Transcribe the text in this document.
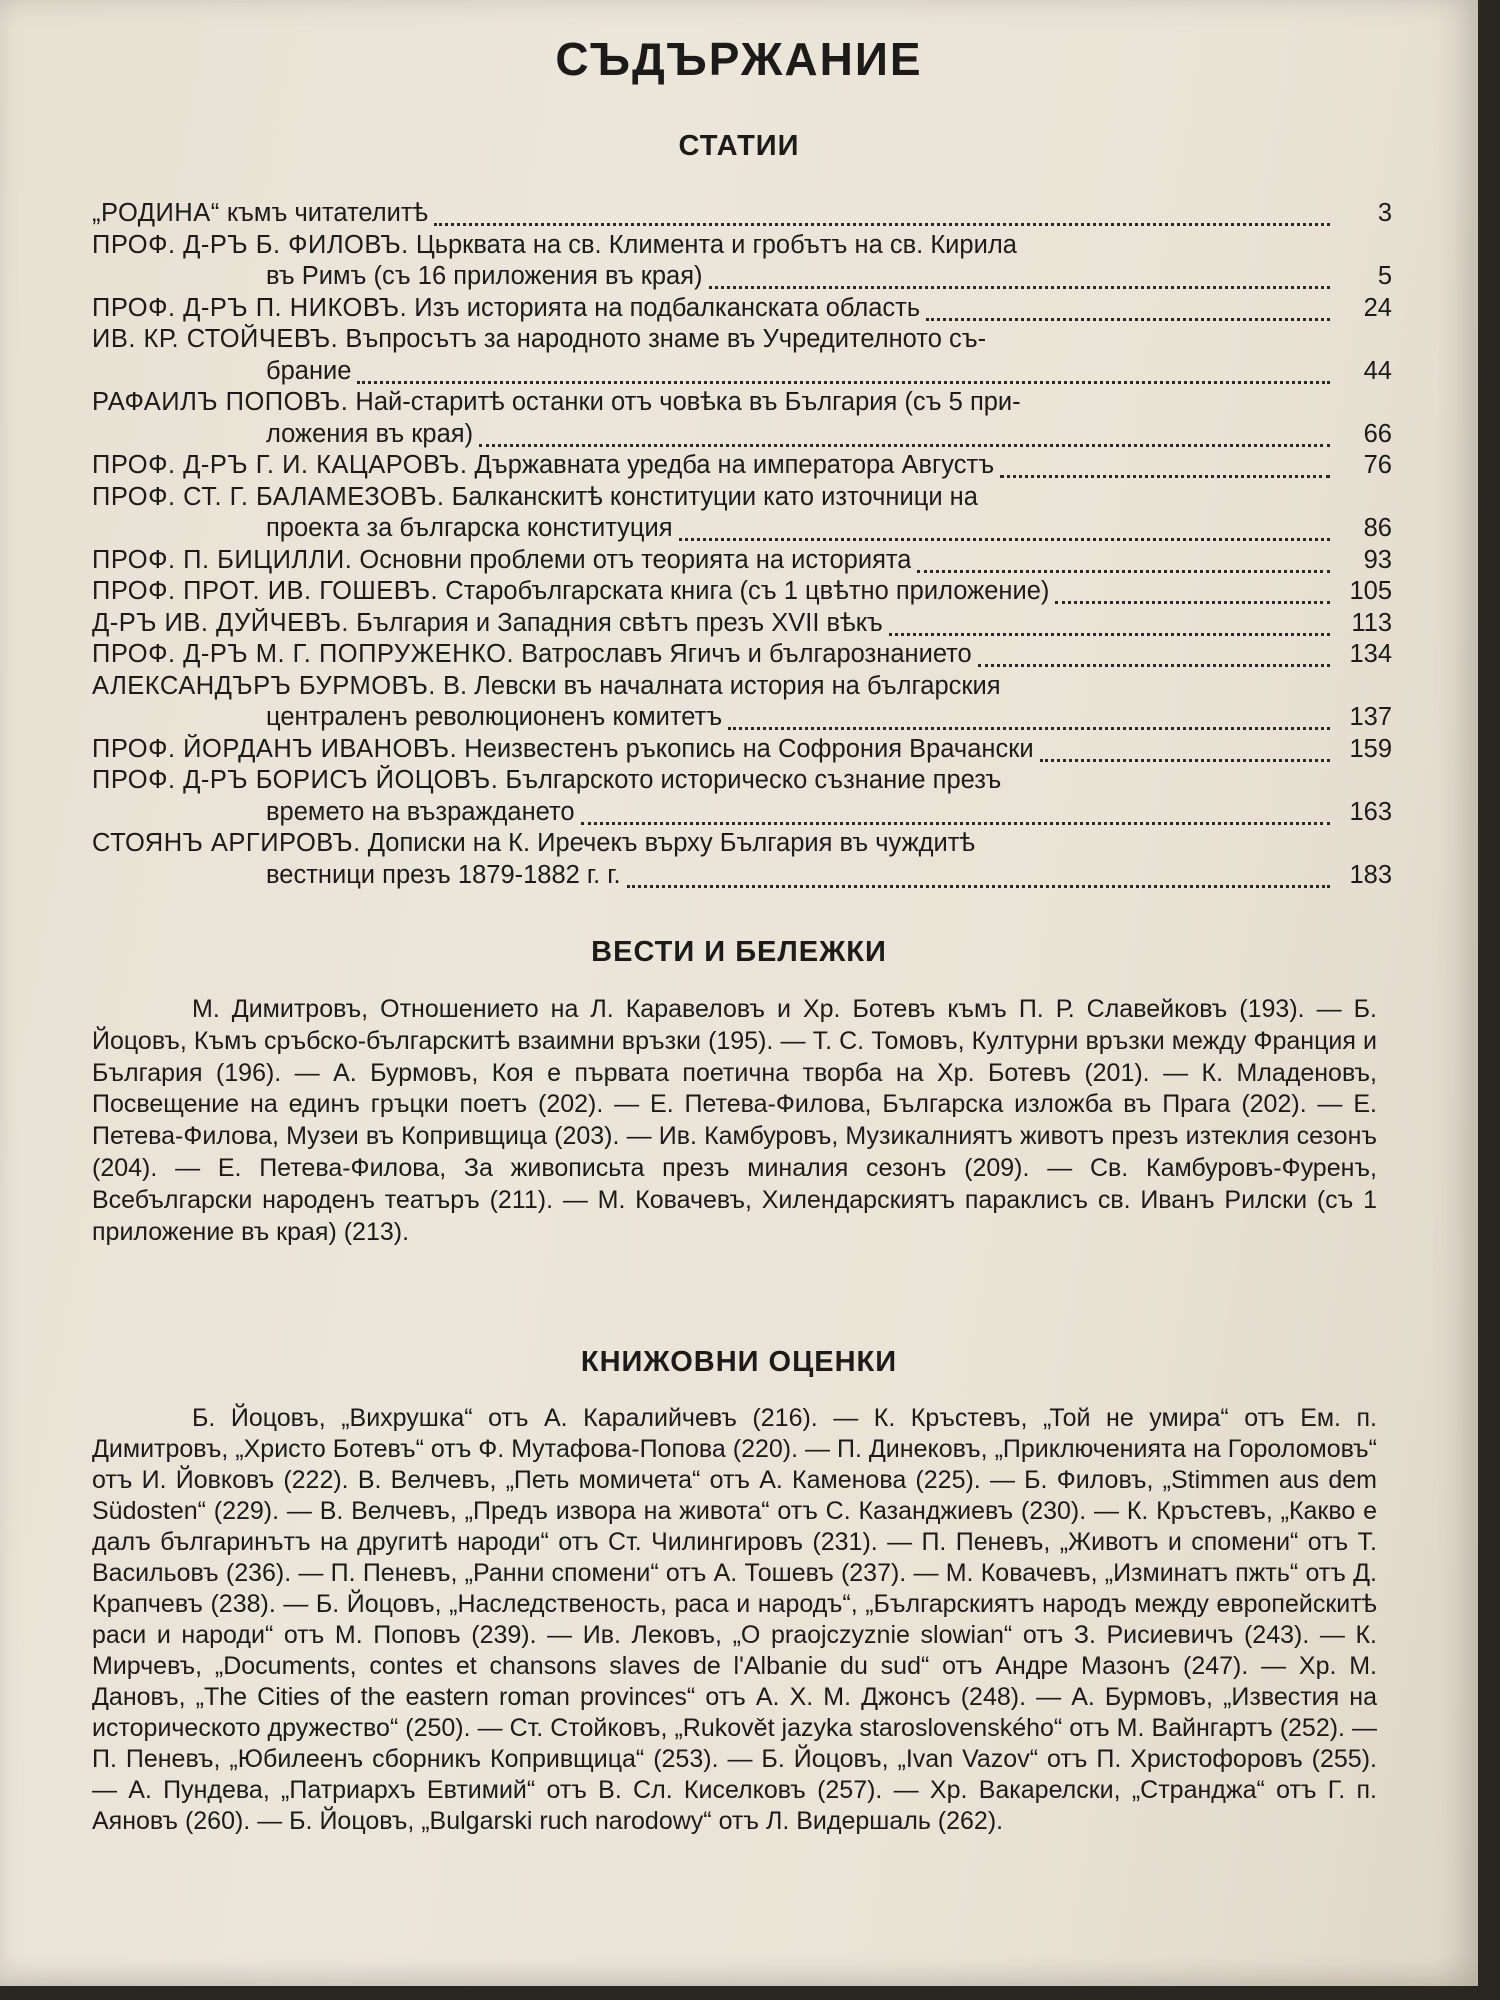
СЪДЪРЖАНИЕ
СТАТИИ
„РОДИНА“ къмъ читателитѣ	3
ПРОФ. Д-РЪ Б. ФИЛОВЪ. Цьрквата на св. Климента и гробътъ на св. Кирила
въ Римъ (съ 16 приложения въ края)	5
ПРОФ. Д-РЪ П. НИКОВЪ. Изъ историята на подбалканската область	24
ИВ. КР. СТОЙЧЕВЪ. Въпросътъ за народното знаме въ Учредителното съ-
брание	44
РАФАИЛЪ ПОПОВЪ. Най-старитѣ останки отъ човѣка въ България (съ 5 при-
ложения въ края)	66
ПРОФ. Д-РЪ Г. И. КАЦАРОВЪ. Държавната уредба на императора Августъ	76
ПРОФ. СТ. Г. БАЛАМЕЗОВЪ. Балканскитѣ конституции като източници на
проекта за българска конституция	86
ПРОФ. П. БИЦИЛЛИ. Основни проблеми отъ теорията на историята	93
ПРОФ. ПРОТ. ИВ. ГОШЕВЪ. Старобългарската книга (съ 1 цвѣтно приложение)	105
Д-РЪ ИВ. ДУЙЧЕВЪ. България и Западния свѣтъ презъ XVII вѣкъ	113
ПРОФ. Д-РЪ М. Г. ПОПРУЖЕНКО. Ватрославъ Ягичъ и българознанието	134
АЛЕКСАНДЪРЪ БУРМОВЪ. В. Левски въ началната история на българския
централенъ революционенъ комитетъ	137
ПРОФ. ЙОРДАНЪ ИВАНОВЪ. Неизвестенъ ръкопись на Софрония Врачански	159
ПРОФ. Д-РЪ БОРИСЪ ЙОЦОВЪ. Българското историческо съзнание презъ
времето на възраждането	163
СТОЯНЪ АРГИРОВЪ. Дописки на К. Иречекъ върху България въ чуждитѣ
вестници презъ 1879-1882 г. г.	183
ВЕСТИ И БЕЛЕЖКИ

М. Димитровъ, Отношението на Л. Каравеловъ и Хр. Ботевъ къмъ П. Р. Славейковъ (193). — Б. Йоцовъ, Къмъ сръбско-българскитѣ взаимни връзки (195). — Т. С. Томовъ, Културни връзки между Франция и България (196). — А. Бурмовъ, Коя е първата поетична творба на Хр. Ботевъ (201). — К. Младеновъ, Посвещение на единъ гръцки поетъ (202). — Е. Петева-Филова, Българска изложба въ Прага (202). — Е. Петева-Филова, Музеи въ Копривщица (203). — Ив. Камбуровъ, Музикалниятъ животъ презъ изтеклия сезонъ (204). — Е. Петева-Филова, За живописьта презъ миналия сезонъ (209). — Св. Камбуровъ-Фуренъ, Всебългарски народенъ театъръ (211). — М. Ковачевъ, Хилендарскиятъ параклисъ св. Иванъ Рилски (съ 1 приложение въ края) (213).

КНИЖОВНИ ОЦЕНКИ

Б. Йоцовъ, „Вихрушка“ отъ А. Каралийчевъ (216). — К. Кръстевъ, „Той не умира“ отъ Ем. п. Димитровъ, „Христо Ботевъ“ отъ Ф. Мутафова-Попова (220). — П. Динековъ, „Приключенията на Гороломовъ“ отъ И. Йовковъ (222). В. Велчевъ, „Петь момичета“ отъ А. Каменова (225). — Б. Филовъ, „Stimmen aus dem Südosten“ (229). — В. Велчевъ, „Предъ извора на живота“ отъ С. Казанджиевъ (230). — К. Кръстевъ, „Какво е далъ българинътъ на другитѣ народи“ отъ Ст. Чилингировъ (231). — П. Пеневъ, „Животъ и спомени“ отъ Т. Васильовъ (236). — П. Пеневъ, „Ранни спомени“ отъ А. Тошевъ (237). — М. Ковачевъ, „Изминатъ пжть“ отъ Д. Крапчевъ (238). — Б. Йоцовъ, „Наследственость, раса и народъ“, „Българскиятъ народъ между европейскитѣ раси и народи“ отъ М. Поповъ (239). — Ив. Лековъ, „O praojczyznie slowian“ отъ З. Рисиевичъ (243). — К. Мирчевъ, „Documents, contes et chansons slaves de l'Albanie du sud“ отъ Андре Мазонъ (247). — Хр. М. Дановъ, „The Cities of the eastern roman provinces“ отъ А. Х. М. Джонсъ (248). — А. Бурмовъ, „Известия на историческото дружество“ (250). — Ст. Стойковъ, „Rukovět jazyka staroslovenského“ отъ М. Вайнгартъ (252). — П. Пеневъ, „Юбилеенъ сборникъ Копривщица“ (253). — Б. Йоцовъ, „Ivan Vazov“ отъ П. Христофоровъ (255). — А. Пундева, „Патриархъ Евтимий“ отъ В. Сл. Киселковъ (257). — Хр. Вакарелски, „Странджа“ отъ Г. п. Аяновъ (260). — Б. Йоцовъ, „Bulgarski ruch narodowy“ отъ Л. Видершаль (262).
